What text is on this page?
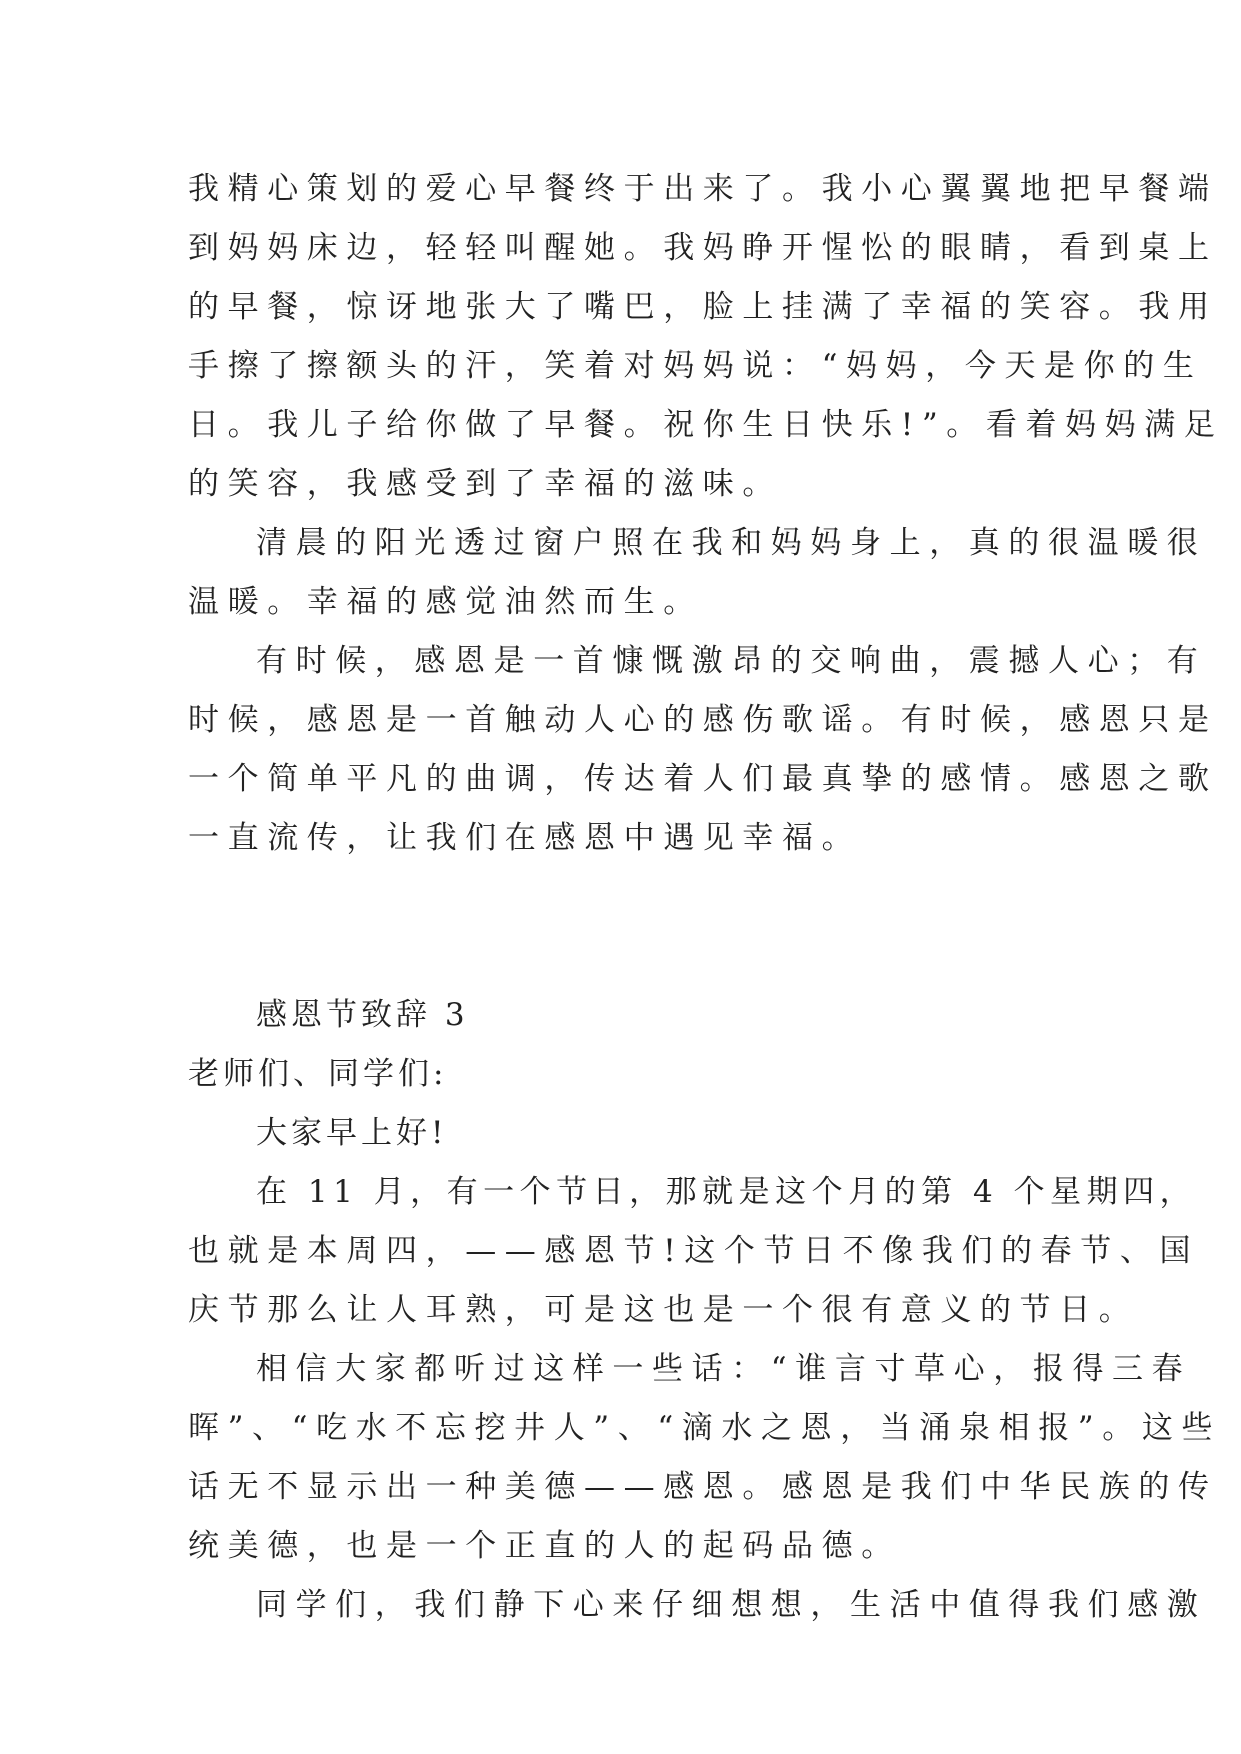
我精心策划的爱心早餐终于出来了。我小心翼翼地把早餐端
到妈妈床边，轻轻叫醒她。我妈睁开惺忪的眼睛，看到桌上
的早餐，惊讶地张大了嘴巴，脸上挂满了幸福的笑容。我用
手擦了擦额头的汗，笑着对妈妈说：“妈妈，今天是你的生
日。我儿子给你做了早餐。祝你生日快乐!”。看着妈妈满足
的笑容，我感受到了幸福的滋味。
清晨的阳光透过窗户照在我和妈妈身上，真的很温暖很
温暖。幸福的感觉油然而生。
有时候，感恩是一首慷慨激昂的交响曲，震撼人心；有
时候，感恩是一首触动人心的感伤歌谣。有时候，感恩只是
一个简单平凡的曲调，传达着人们最真挚的感情。感恩之歌
一直流传，让我们在感恩中遇见幸福。
感恩节致辞 3
老师们、同学们:
大家早上好!
在 11 月，有一个节日，那就是这个月的第 4 个星期四，
也就是本周四，——感恩节!这个节日不像我们的春节、国
庆节那么让人耳熟，可是这也是一个很有意义的节日。
相信大家都听过这样一些话：“谁言寸草心，报得三春
晖”、“吃水不忘挖井人”、“滴水之恩，当涌泉相报”。这些
话无不显示出一种美德——感恩。感恩是我们中华民族的传
统美德，也是一个正直的人的起码品德。
同学们，我们静下心来仔细想想，生活中值得我们感激
